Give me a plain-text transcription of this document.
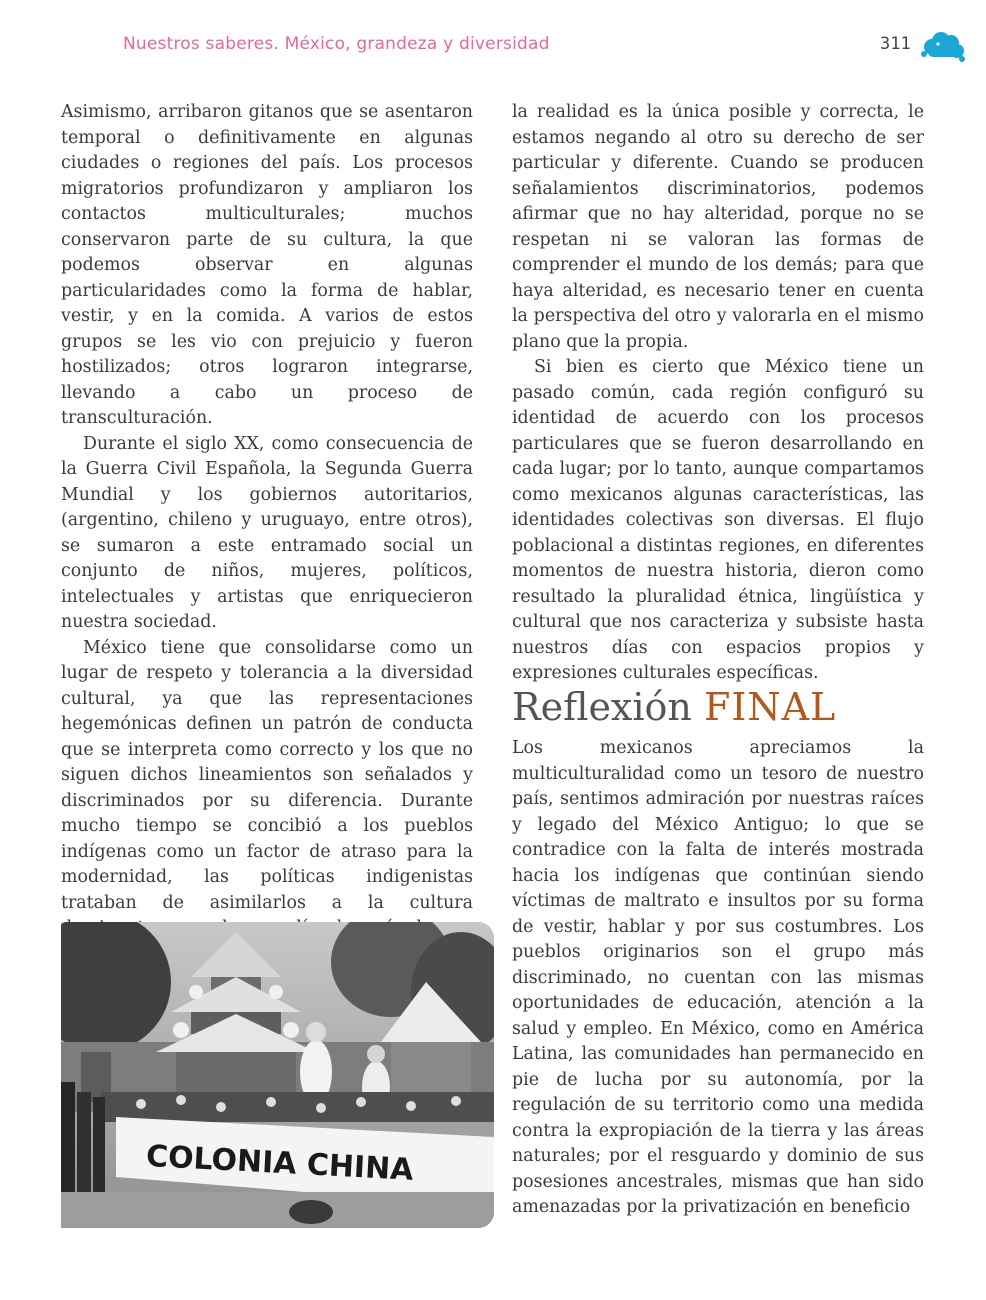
Nuestros saberes. México, grandeza y diversidad	311

Asimismo, arribaron gitanos que se asentaron temporal o definitivamente en algunas ciudades o regiones del país. Los procesos migratorios profundizaron y ampliaron los contactos multiculturales; muchos conservaron parte de su cultura, la que podemos observar en algunas particularidades como la forma de hablar, vestir, y en la comida. A varios de estos grupos se les vio con prejuicio y fueron hostilizados; otros lograron integrarse, llevando a cabo un proceso de transculturación.

Durante el siglo XX, como consecuencia de la Guerra Civil Española, la Segunda Guerra Mundial y los gobiernos autoritarios, (argentino, chileno y uruguayo, entre otros), se sumaron a este entramado social un conjunto de niños, mujeres, políticos, intelectuales y artistas que enriquecieron nuestra sociedad.

México tiene que consolidarse como un lugar de respeto y tolerancia a la diversidad cultural, ya que las representaciones hegemónicas definen un patrón de conducta que se interpreta como correcto y los que no siguen dichos lineamientos son señalados y discriminados por su diferencia. Durante mucho tiempo se concibió a los pueblos indígenas como un factor de atraso para la modernidad, las políticas indigenistas trataban de asimilarlos a la cultura

la realidad es la única posible y correcta, le estamos negando al otro su derecho de ser particular y diferente. Cuando se producen señalamientos discriminatorios, podemos afirmar que no hay alteridad, porque no se respetan ni se valoran las formas de comprender el mundo de los demás; para que haya alteridad, es necesario tener en cuenta la perspectiva del otro y valorarla en el mismo plano que la propia.

Si bien es cierto que México tiene un pasado común, cada región configuró su identidad de acuerdo con los procesos particulares que se fueron desarrollando en cada lugar; por lo tanto, aunque compartamos como mexicanos algunas características, las identidades colectivas son diversas. El flujo poblacional a distintas regiones, en diferentes momentos de nuestra historia, dieron como resultado la pluralidad étnica, lingüística y cultural que nos caracteriza y subsiste hasta nuestros días con espacios propios y expresiones culturales específicas.

Reflexión FINAL

Los mexicanos apreciamos la multiculturalidad como un tesoro de nuestro país, sentimos admiración por nuestras raíces y legado del México Antiguo; lo que se contradice con la falta de interés mostrada hacia los indígenas que continúan siendo víctimas de maltrato e insultos por su forma de vestir, hablar y por sus costumbres. Los pueblos originarios son el grupo más discriminado, no cuentan con las mismas oportunidades de educación, atención a la salud y empleo. En México, como en América Latina, las comunidades han permanecido en pie de lucha por su autonomía, por la regulación de su territorio como una medida contra la expropiación de la tierra y las áreas naturales; por el resguardo y dominio de sus posesiones ancestrales, mismas que han sido amenazadas por la privatización en beneficio

COLONIA CHINA
